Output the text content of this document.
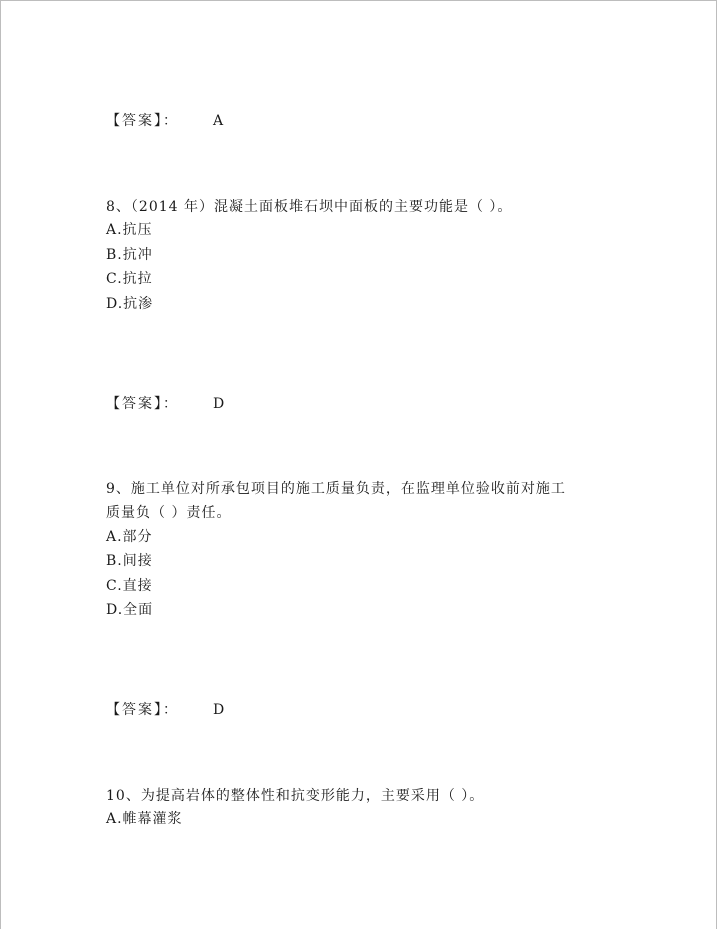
【答案】： A
8、（2014 年）混凝土面板堆石坝中面板的主要功能是（ ）。
A.抗压
B.抗冲
C.抗拉
D.抗渗
【答案】： D
9、施工单位对所承包项目的施工质量负责，在监理单位验收前对施工
质量负（ ）责任。
A.部分
B.间接
C.直接
D.全面
【答案】： D
10、为提高岩体的整体性和抗变形能力，主要采用（ ）。
A.帷幕灌浆
